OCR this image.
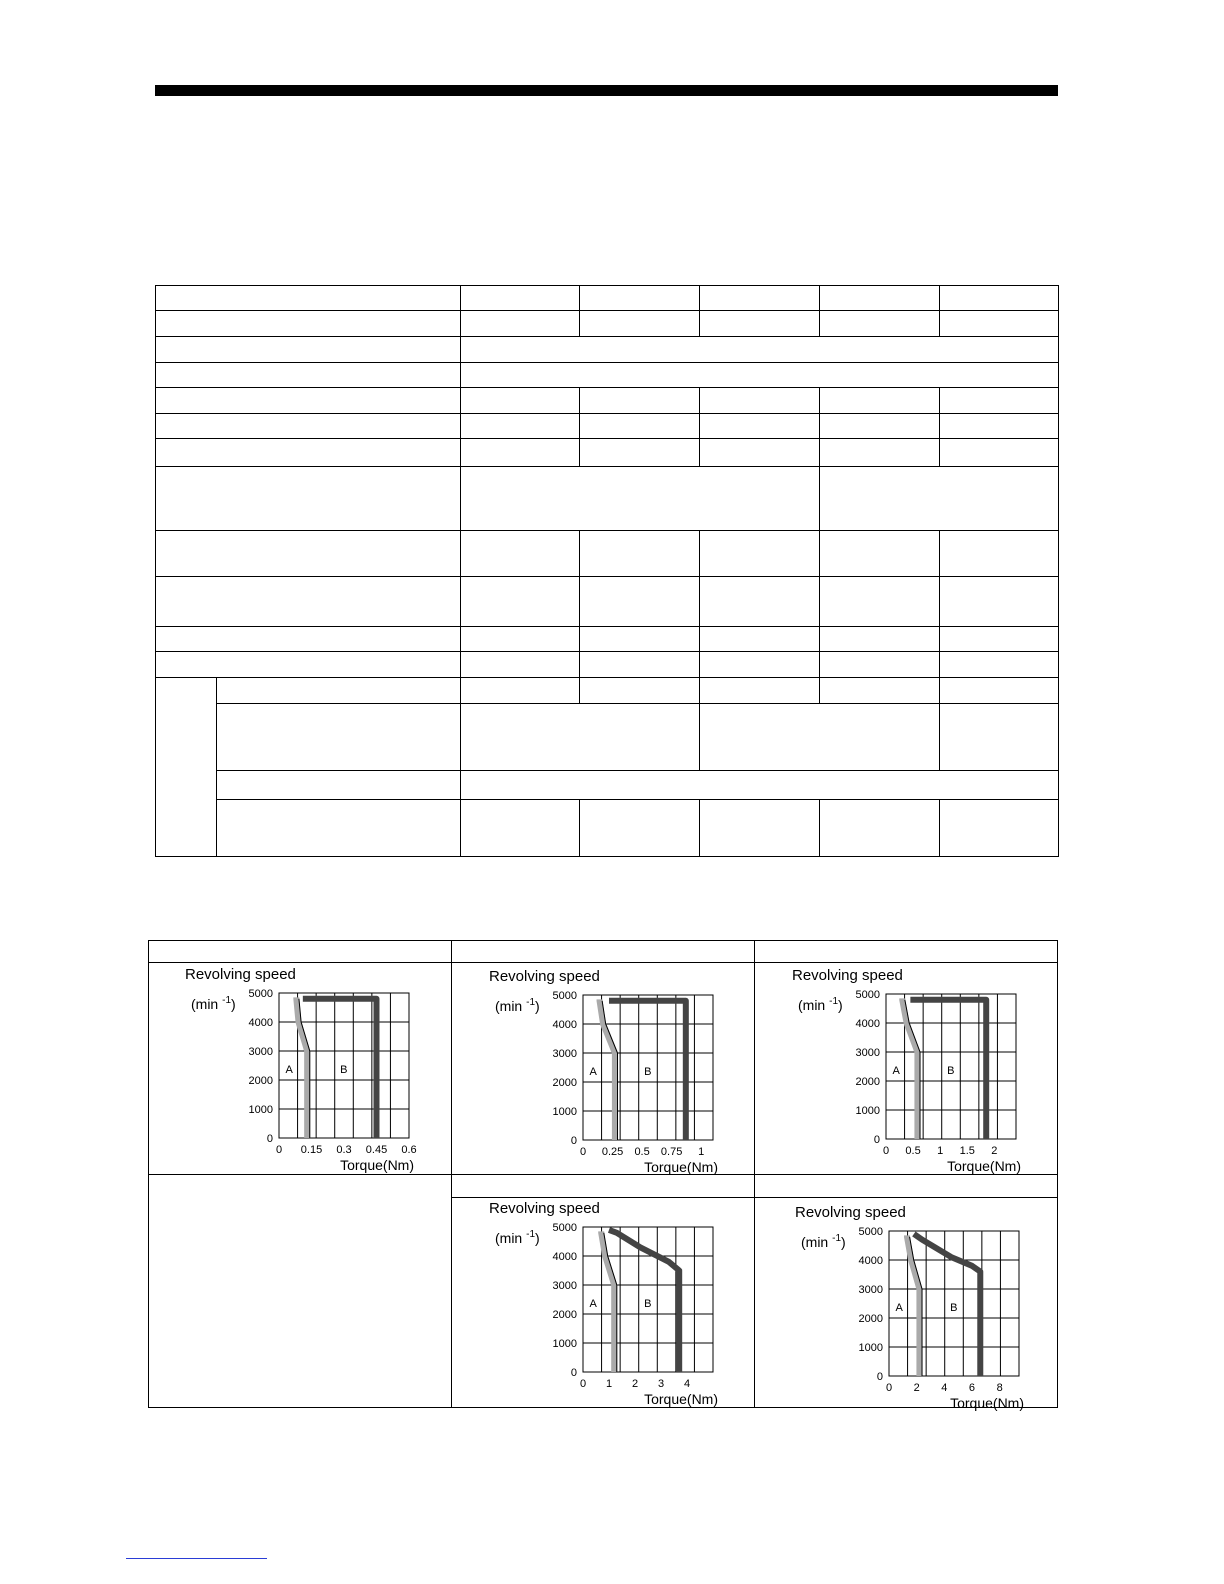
Revolving speed
(min $^{-1}$)
0
1000
2000
3000
4000
5000
0 0.15 0.3 0.45 0.6
Torque(Nm)
A	B
Revolving speed
(min $^{-1}$)
0
1000
2000
3000
4000
5000
0 0.25 0.5 0.75 1
Torque(Nm)
A	B
Revolving speed
(min $^{-1}$)
0
1000
2000
3000
4000
5000
0 0.5 1 1.5 2
Torque(Nm)
A	B
Revolving speed
(min $^{-1}$)
0
1000
2000
3000
4000
5000
0 1 2 3 4
Torque(Nm)
A	B
Revolving speed
(min $^{-1}$)
0
1000
2000
3000
4000
5000
0 2 4 6 8
Torque(Nm)
A	B
